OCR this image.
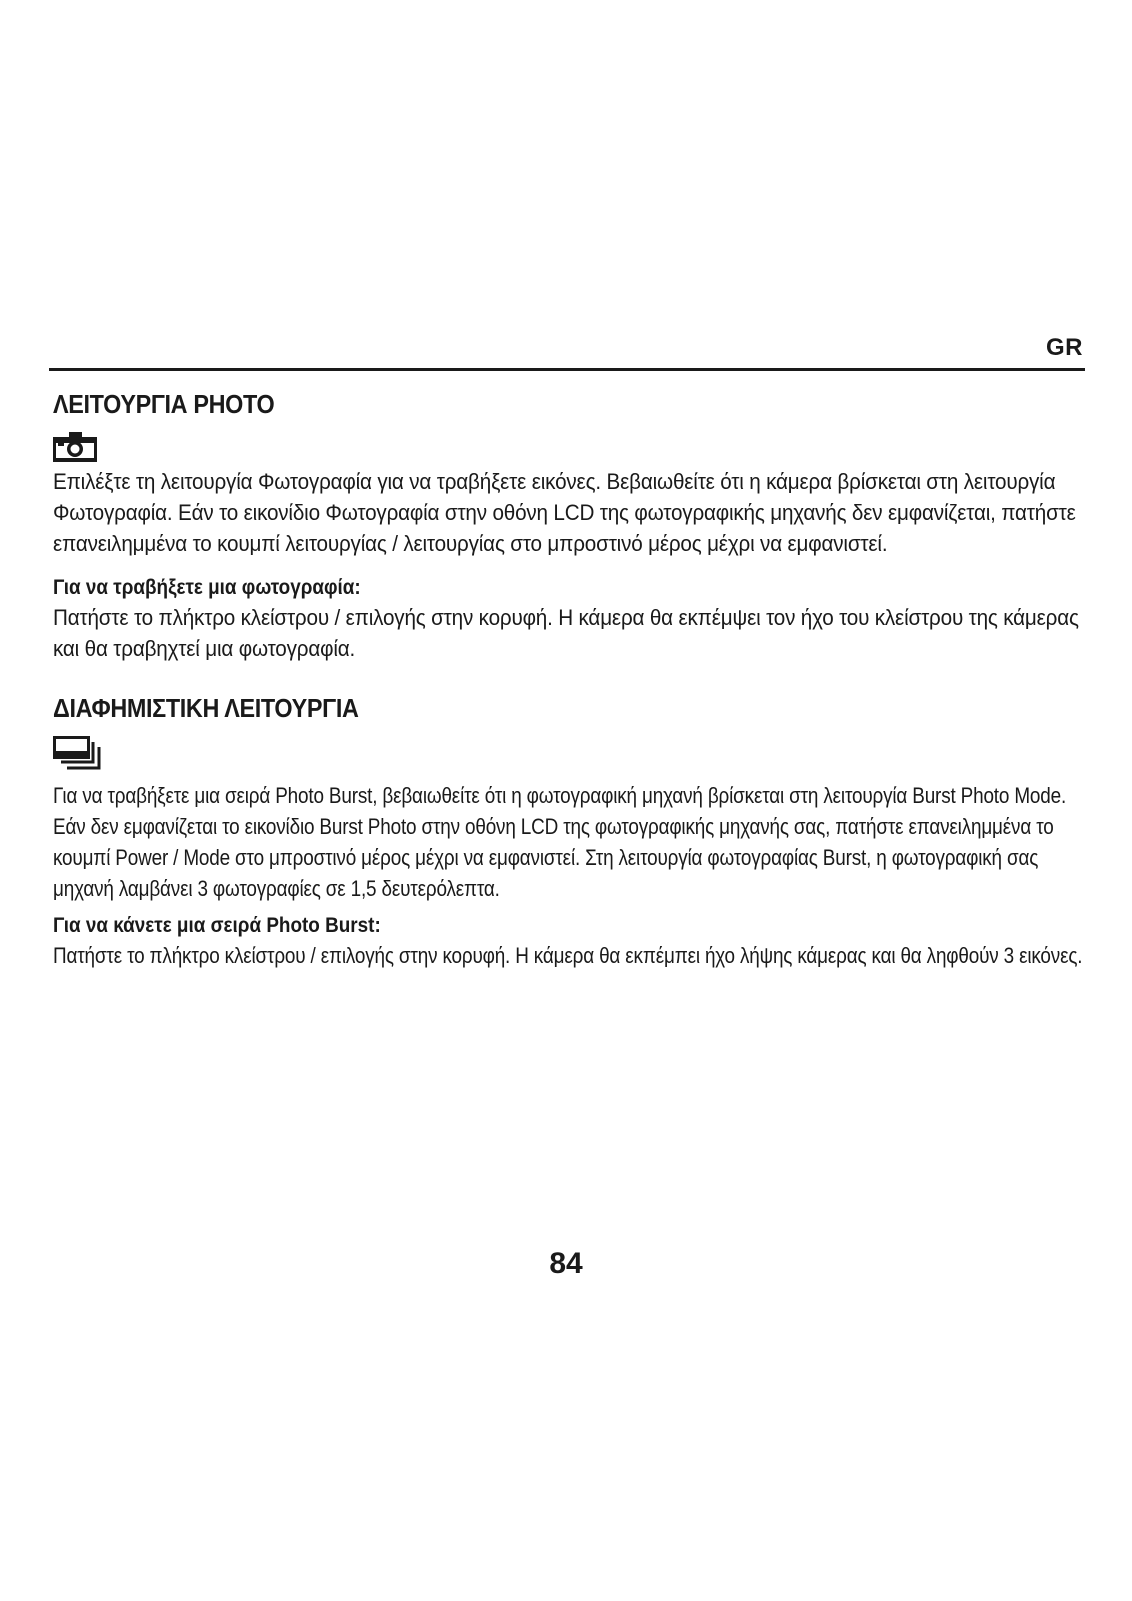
GR
ΛΕΙΤΟΥΡΓΙΑ PHOTO

Επιλέξτε τη λειτουργία Φωτογραφία για να τραβήξετε εικόνες. Βεβαιωθείτε ότι η κάμερα βρίσκεται στη λειτουργία Φωτογραφία. Εάν το εικονίδιο Φωτογραφία στην οθόνη LCD της φωτογραφικής μηχανής δεν εμφανίζεται, πατήστε επανειλημμένα το κουμπί λειτουργίας / λειτουργίας στο μπροστινό μέρος μέχρι να εμφανιστεί.

Για να τραβήξετε μια φωτογραφία:

Πατήστε το πλήκτρο κλείστρου / επιλογής στην κορυφή. Η κάμερα θα εκπέμψει τον ήχο του κλείστρου της κάμερας και θα τραβηχτεί μια φωτογραφία.

ΔΙΑΦΗΜΙΣΤΙΚΗ ΛΕΙΤΟΥΡΓΙΑ

Για να τραβήξετε μια σειρά Photo Burst, βεβαιωθείτε ότι η φωτογραφική μηχανή βρίσκεται στη λειτουργία Burst Photo Mode. Εάν δεν εμφανίζεται το εικονίδιο Burst Photo στην οθόνη LCD της φωτογραφικής μηχανής σας, πατήστε επανειλημμένα το κουμπί Power / Mode στο μπροστινό μέρος μέχρι να εμφανιστεί. Στη λειτουργία φωτογραφίας Burst, η φωτογραφική σας μηχανή λαμβάνει 3 φωτογραφίες σε 1,5 δευτερόλεπτα.

Για να κάνετε μια σειρά Photo Burst:

Πατήστε το πλήκτρο κλείστρου / επιλογής στην κορυφή. Η κάμερα θα εκπέμπει ήχο λήψης κάμερας και θα ληφθούν 3 εικόνες.

84
